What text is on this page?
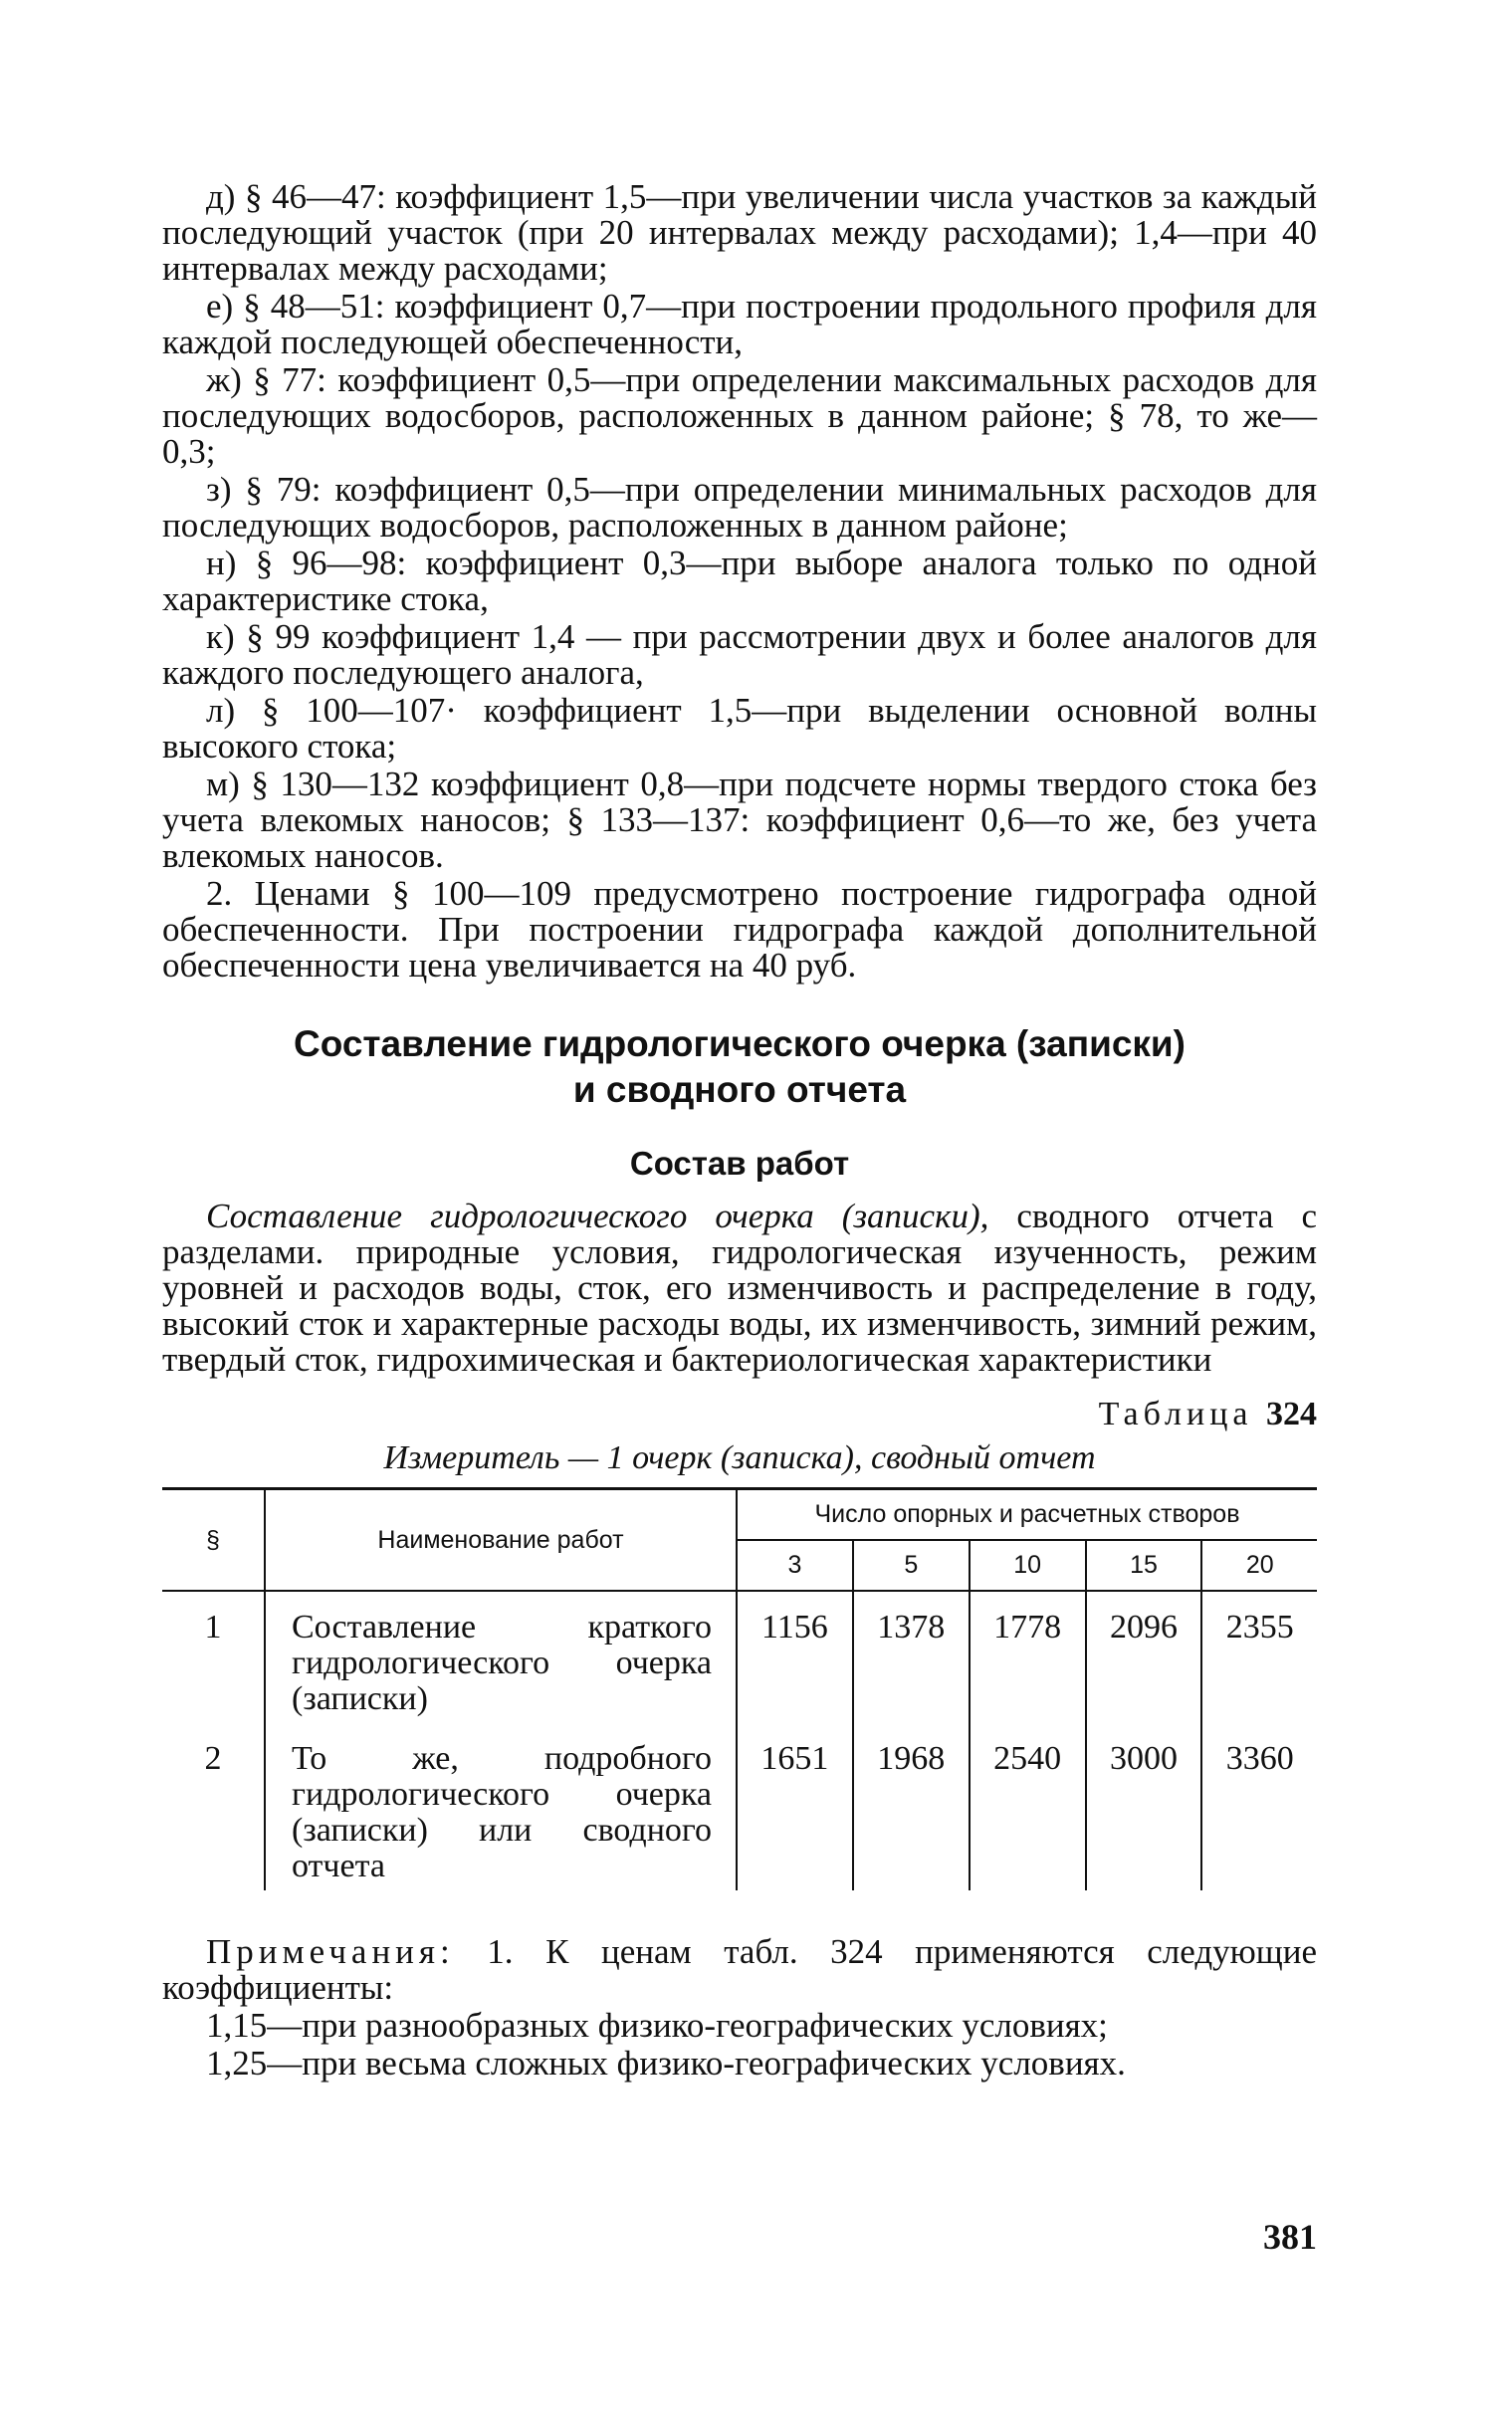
д) § 46—47: коэффициент 1,5—при увеличении числа участков за каждый последующий участок (при 20 интервалах между расходами); 1,4—при 40 интервалах между расходами;

е) § 48—51: коэффициент 0,7—при построении продольного профиля для каждой последующей обеспеченности,

ж) § 77: коэффициент 0,5—при определении максимальных расходов для последующих водосборов, расположенных в данном районе; § 78, то же—0,3;

з) § 79: коэффициент 0,5—при определении минимальных расходов для последующих водосборов, расположенных в данном районе;

н) § 96—98: коэффициент 0,3—при выборе аналога только по одной характеристике стока,

к) § 99 коэффициент 1,4 — при рассмотрении двух и более аналогов для каждого последующего аналога,

л) § 100—107· коэффициент 1,5—при выделении основной волны высокого стока;

м) § 130—132 коэффициент 0,8—при подсчете нормы твердого стока без учета влекомых наносов; § 133—137: коэффициент 0,6—то же, без учета влекомых наносов.

2. Ценами § 100—109 предусмотрено построение гидрографа одной обеспеченности. При построении гидрографа каждой дополнительной обеспеченности цена увеличивается на 40 руб.

Составление гидрологического очерка (записки)
и сводного отчета
Состав работ

Составление гидрологического очерка (записки), сводного отчета с разделами. природные условия, гидрологическая изученность, режим уровней и расходов воды, сток, его изменчивость и распределение в году, высокий сток и характерные расходы воды, их изменчивость, зимний режим, твердый сток, гидрохимическая и бактериологическая характеристики

Таблица 324
Измеритель — 1 очерк (записка), сводный отчет
§	Наименование работ	Число опорных и расчетных створов				
		3	5	10	15	20
1	Составление краткого гидрологического очерка (записки)	1156	1378	1778	2096	2355
2	То же, подробного гидрологического очерка (записки) или сводного отчета	1651	1968	2540	3000	3360

Примечания: 1. К ценам табл. 324 применяются следующие коэффициенты:

1,15—при разнообразных физико-географических условиях;

1,25—при весьма сложных физико-географических условиях.

381
